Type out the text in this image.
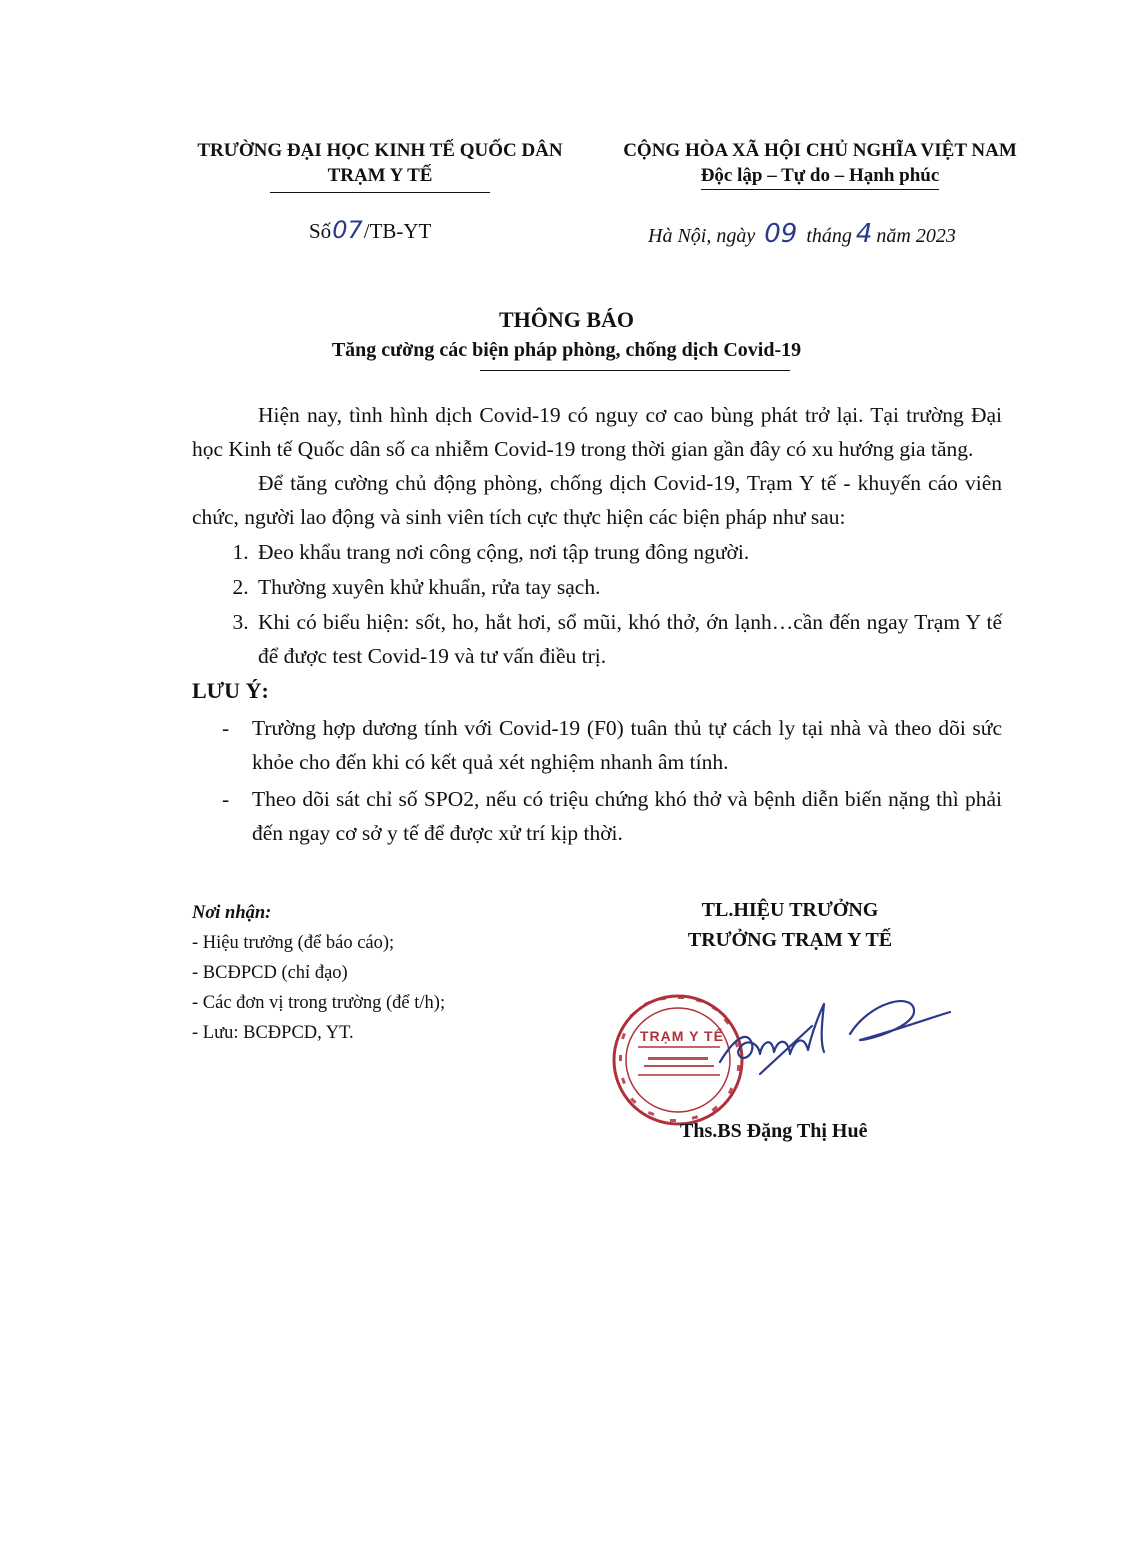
TRƯỜNG ĐẠI HỌC KINH TẾ QUỐC DÂN
TRẠM Y TẾ
CỘNG HÒA XÃ HỘI CHỦ NGHĨA VIỆT NAM
Độc lập – Tự do – Hạnh phúc
Số07/TB-YT	Hà Nội, ngày 09 tháng 4 năm 2023
THÔNG BÁO
Tăng cường các biện pháp phòng, chống dịch Covid-19

Hiện nay, tình hình dịch Covid-19 có nguy cơ cao bùng phát trở lại. Tại trường Đại học Kinh tế Quốc dân số ca nhiễm Covid-19 trong thời gian gần đây có xu hướng gia tăng.

Để tăng cường chủ động phòng, chống dịch Covid-19, Trạm Y tế - khuyến cáo viên chức, người lao động và sinh viên tích cực thực hiện các biện pháp như sau:

1. Đeo khẩu trang nơi công cộng, nơi tập trung đông người.
2. Thường xuyên khử khuẩn, rửa tay sạch.
3. Khi có biểu hiện: sốt, ho, hắt hơi, sổ mũi, khó thở, ớn lạnh…cần đến ngay Trạm Y tế để được test Covid-19 và tư vấn điều trị.
LƯU Ý:
- Trường hợp dương tính với Covid-19 (F0) tuân thủ tự cách ly tại nhà và theo dõi sức khỏe cho đến khi có kết quả xét nghiệm nhanh âm tính.
- Theo dõi sát chỉ số SPO2, nếu có triệu chứng khó thở và bệnh diễn biến nặng thì phải đến ngay cơ sở y tế để được xử trí kịp thời.
Nơi nhận:
- Hiệu trưởng (để báo cáo);
- BCĐPCD (chỉ đạo)
- Các đơn vị trong trường (để t/h);
- Lưu: BCĐPCD, YT.
TL.HIỆU TRƯỞNG
TRƯỞNG TRẠM Y TẾ
TRẠM Y TẾ
Ths.BS Đặng Thị Huê
